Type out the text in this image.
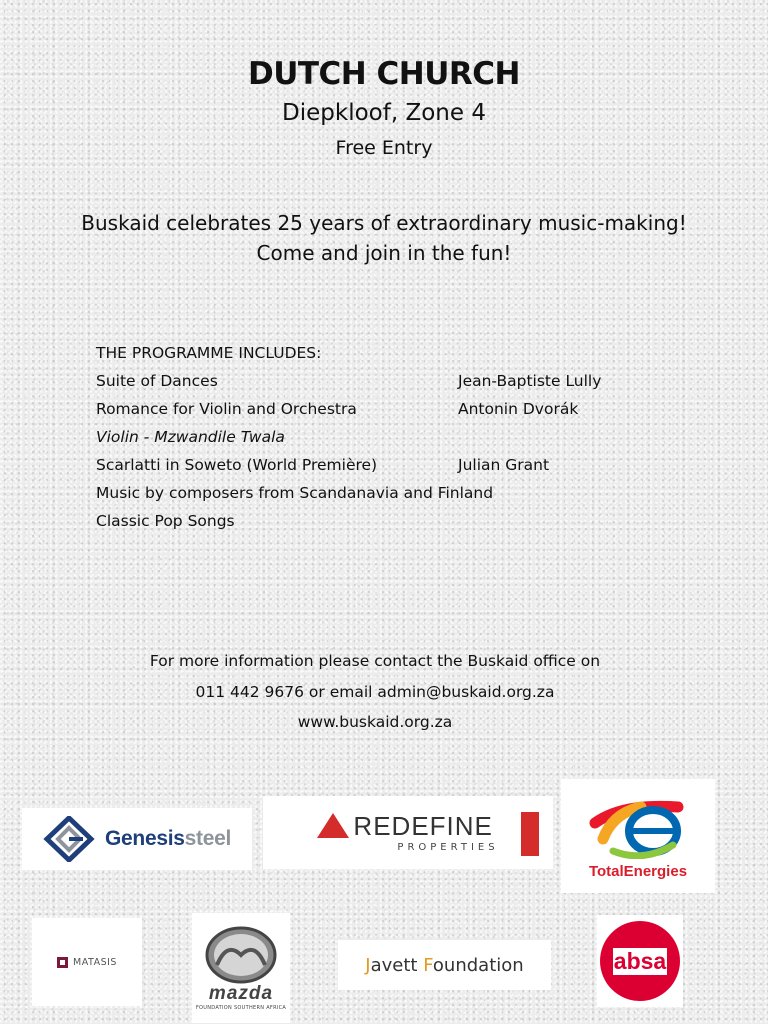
DUTCH CHURCH
Diepkloof, Zone 4
Free Entry
Buskaid celebrates 25 years of extraordinary music-making!
Come and join in the fun!
THE PROGRAMME INCLUDES:
Suite of Dances	Jean-Baptiste Lully
Romance for Violin and Orchestra	Antonin Dvorák
Violin - Mzwandile Twala
Scarlatti in Soweto (World Première)	Julian Grant
Music by composers from Scandanavia and Finland
Classic Pop Songs
For more information please contact the Buskaid office on
011 442 9676 or email admin@buskaid.org.za
www.buskaid.org.za
Genesissteel	REDEFINE
PROPERTIES
TotalEnergies
MATASIS
mazda
FOUNDATION SOUTHERN AFRICA
Javett Foundation	absa
